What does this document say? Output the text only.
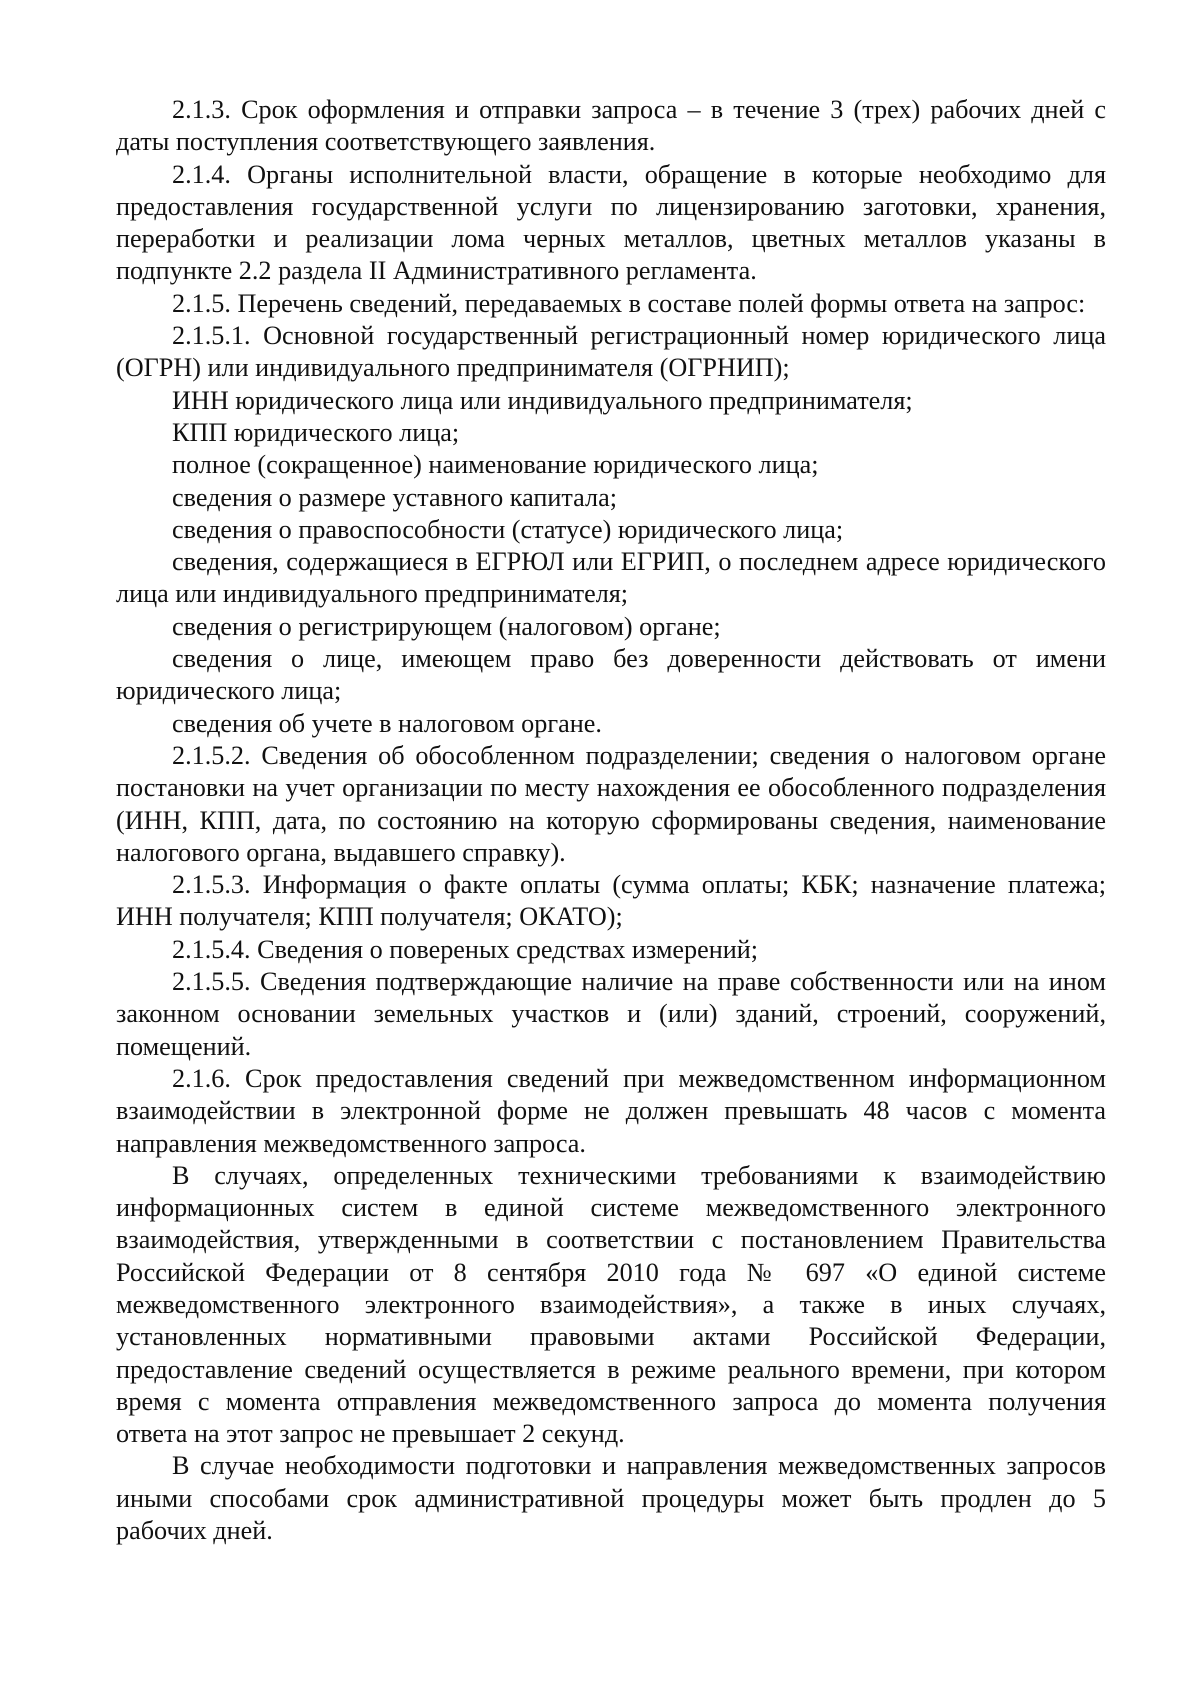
2.1.3. Срок оформления и отправки запроса – в течение 3 (трех) рабочих дней с даты поступления соответствующего заявления.

2.1.4. Органы исполнительной власти, обращение в которые необходимо для предоставления государственной услуги по лицензированию заготовки, хранения, переработки и реализации лома черных металлов, цветных металлов указаны в подпункте 2.2 раздела II Административного регламента.

2.1.5. Перечень сведений, передаваемых в составе полей формы ответа на запрос:

2.1.5.1. Основной государственный регистрационный номер юридического лица (ОГРН) или индивидуального предпринимателя (ОГРНИП);

ИНН юридического лица или индивидуального предпринимателя;

КПП юридического лица;

полное (сокращенное) наименование юридического лица;

сведения о размере уставного капитала;

сведения о правоспособности (статусе) юридического лица;

сведения, содержащиеся в ЕГРЮЛ или ЕГРИП, о последнем адресе юридического лица или индивидуального предпринимателя;

сведения о регистрирующем (налоговом) органе;

сведения о лице, имеющем право без доверенности действовать от имени юридического лица;

сведения об учете в налоговом органе.

2.1.5.2. Сведения об обособленном подразделении; сведения о налоговом органе постановки на учет организации по месту нахождения ее обособленного подразделения (ИНН, КПП, дата, по состоянию на которую сформированы сведения, наименование налогового органа, выдавшего справку).

2.1.5.3. Информация о факте оплаты (сумма оплаты; КБК; назначение платежа; ИНН получателя; КПП получателя; ОКАТО);

2.1.5.4. Сведения о повереных средствах измерений;

2.1.5.5. Сведения подтверждающие наличие на праве собственности или на ином законном основании земельных участков и (или) зданий, строений, сооружений, помещений.

2.1.6. Срок предоставления сведений при межведомственном информационном взаимодействии в электронной форме не должен превышать 48 часов с момента направления межведомственного запроса.

В случаях, определенных техническими требованиями к взаимодействию информационных систем в единой системе межведомственного электронного взаимодействия, утвержденными в соответствии с постановлением Правительства Российской Федерации от 8 сентября 2010 года № 697 «О единой системе межведомственного электронного взаимодействия», а также в иных случаях, установленных нормативными правовыми актами Российской Федерации, предоставление сведений осуществляется в режиме реального времени, при котором время с момента отправления межведомственного запроса до момента получения ответа на этот запрос не превышает 2 секунд.

В случае необходимости подготовки и направления межведомственных запросов иными способами срок административной процедуры может быть продлен до 5 рабочих дней.
